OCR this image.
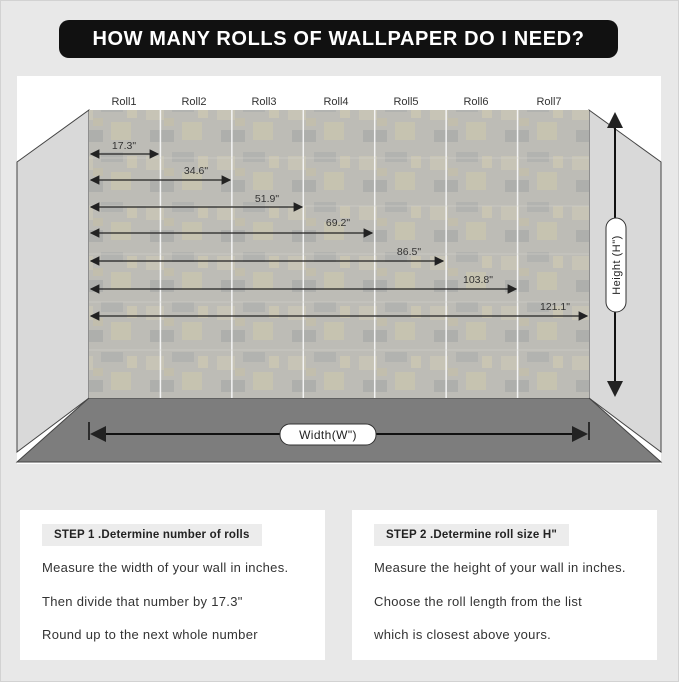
HOW MANY ROLLS OF WALLPAPER DO I NEED?
Roll1	Roll2	Roll3	Roll4	Roll5	Roll6	Roll7
17.3"
34.6"
51.9"
69.2"
86.5"
103.8"
121.1"
Height (H")
Width(W")
STEP 1 .Determine number of rolls
Measure the width of your wall in inches.
Then divide that number by 17.3"
Round up to the next whole number
STEP 2 .Determine roll size H"
Measure the height of your wall in inches.
Choose the roll length from the list
which is closest above yours.
